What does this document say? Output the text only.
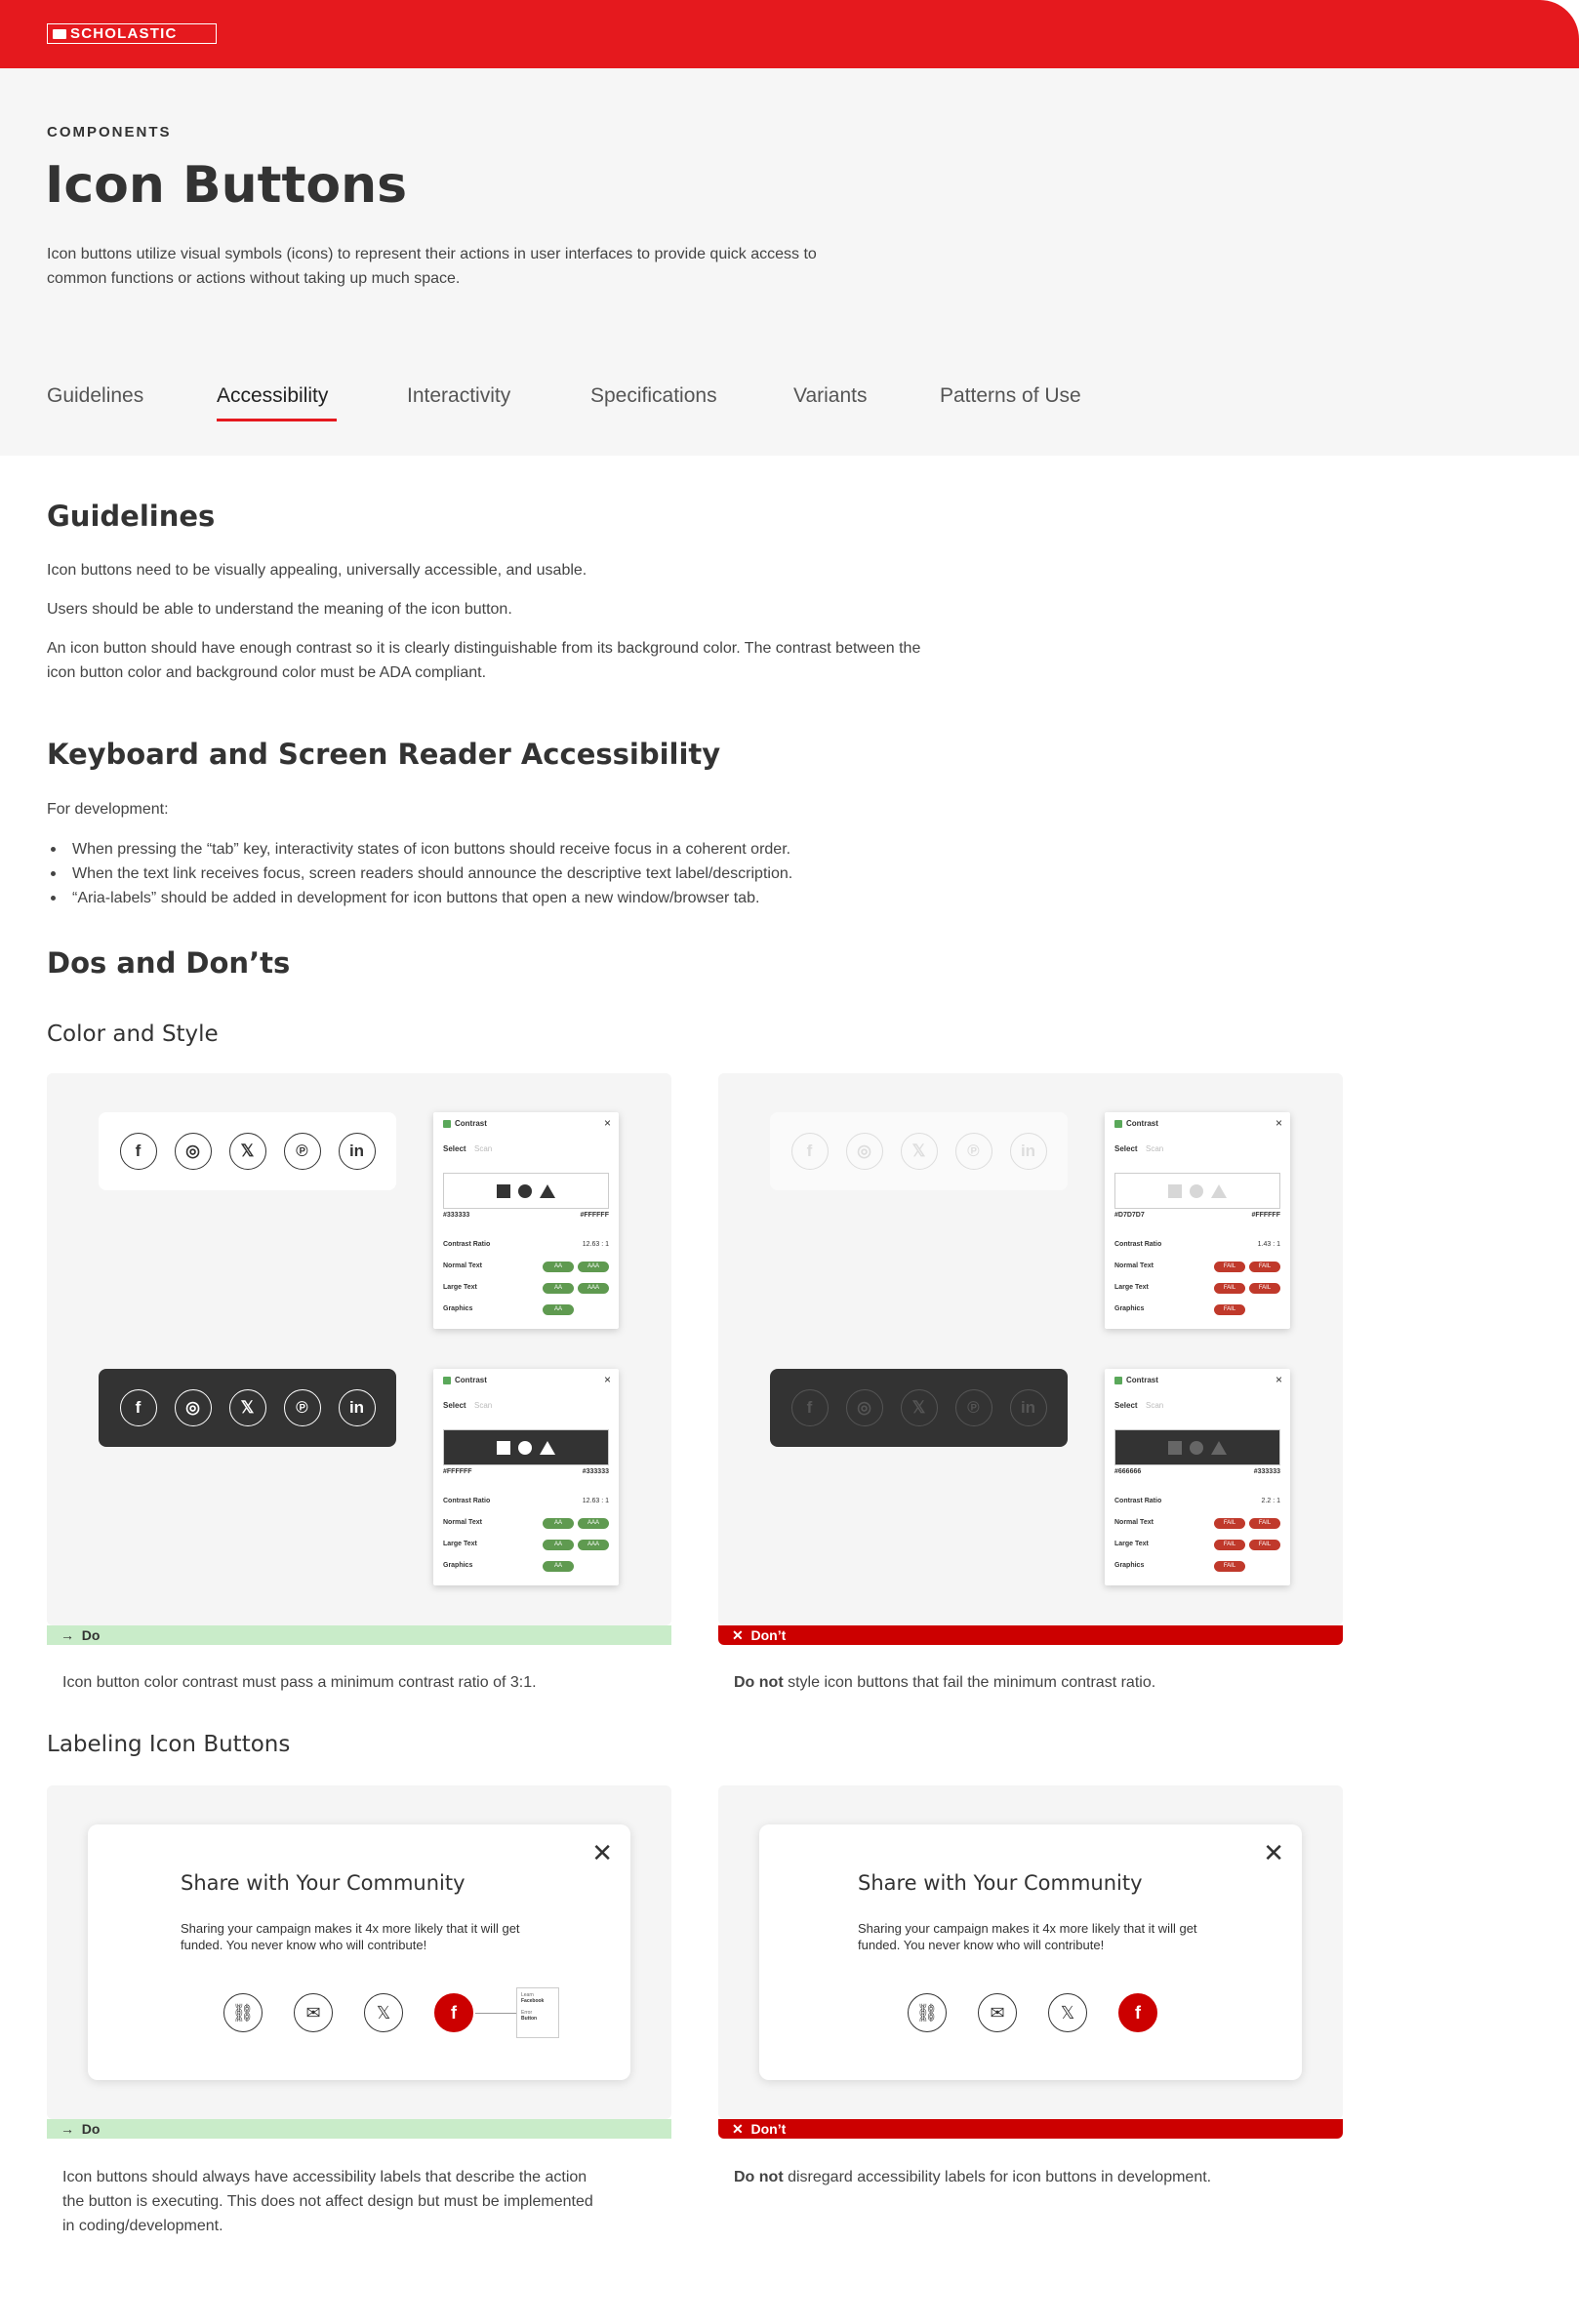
SCHOLASTIC
COMPONENTS
Icon Buttons
Icon buttons utilize visual symbols (icons) to represent their actions in user interfaces to provide quick access to common functions or actions without taking up much space.
Guidelines	Accessibility	Interactivity	Specifications	Variants	Patterns of Use
Guidelines
Icon buttons need to be visually appealing, universally accessible, and usable.
Users should be able to understand the meaning of the icon button.
An icon button should have enough contrast so it is clearly distinguishable from its background color. The contrast between the icon button color and background color must be ADA compliant.
Keyboard and Screen Reader Accessibility
For development:
When pressing the “tab” key, interactivity states of icon buttons should receive focus in a coherent order.
When the text link receives focus, screen readers should announce the descriptive text label/description.
“Aria-labels” should be added in development for icon buttons that open a new window/browser tab.
Dos and Don’ts
Color and Style
f	◎	𝕏	℗	in
f	◎	𝕏	℗	in
Contrast	×
Select Scan
#333333	#FFFFFF
Contrast Ratio	12.63 : 1
Normal Text	AA	AAA
Large Text	AA	AAA
Graphics	AA
Contrast	×
Select Scan
#FFFFFF	#333333
Contrast Ratio	12.63 : 1
Normal Text	AA	AAA
Large Text	AA	AAA
Graphics	AA
→ Do
Icon button color contrast must pass a minimum contrast ratio of 3:1.
f	◎	𝕏	℗	in
f	◎	𝕏	℗	in
Contrast	×
Select Scan
#D7D7D7	#FFFFFF
Contrast Ratio	1.43 : 1
Normal Text	FAIL	FAIL
Large Text	FAIL	FAIL
Graphics	FAIL
Contrast	×
Select Scan
#666666	#333333
Contrast Ratio	2.2 : 1
Normal Text	FAIL	FAIL
Large Text	FAIL	FAIL
Graphics	FAIL
✕ Don’t
Do not style icon buttons that fail the minimum contrast ratio.
Labeling Icon Buttons
✕
Share with Your Community
Sharing your campaign makes it 4x more likely that it will get funded. You never know who will contribute!
⛓	✉	𝕏	f
Learn
Facebook
Error
Button
→ Do
Icon buttons should always have accessibility labels that describe the action the button is executing. This does not affect design but must be implemented in coding/development.
✕
Share with Your Community
Sharing your campaign makes it 4x more likely that it will get funded. You never know who will contribute!
⛓	✉	𝕏	f
✕ Don’t
Do not disregard accessibility labels for icon buttons in development.
